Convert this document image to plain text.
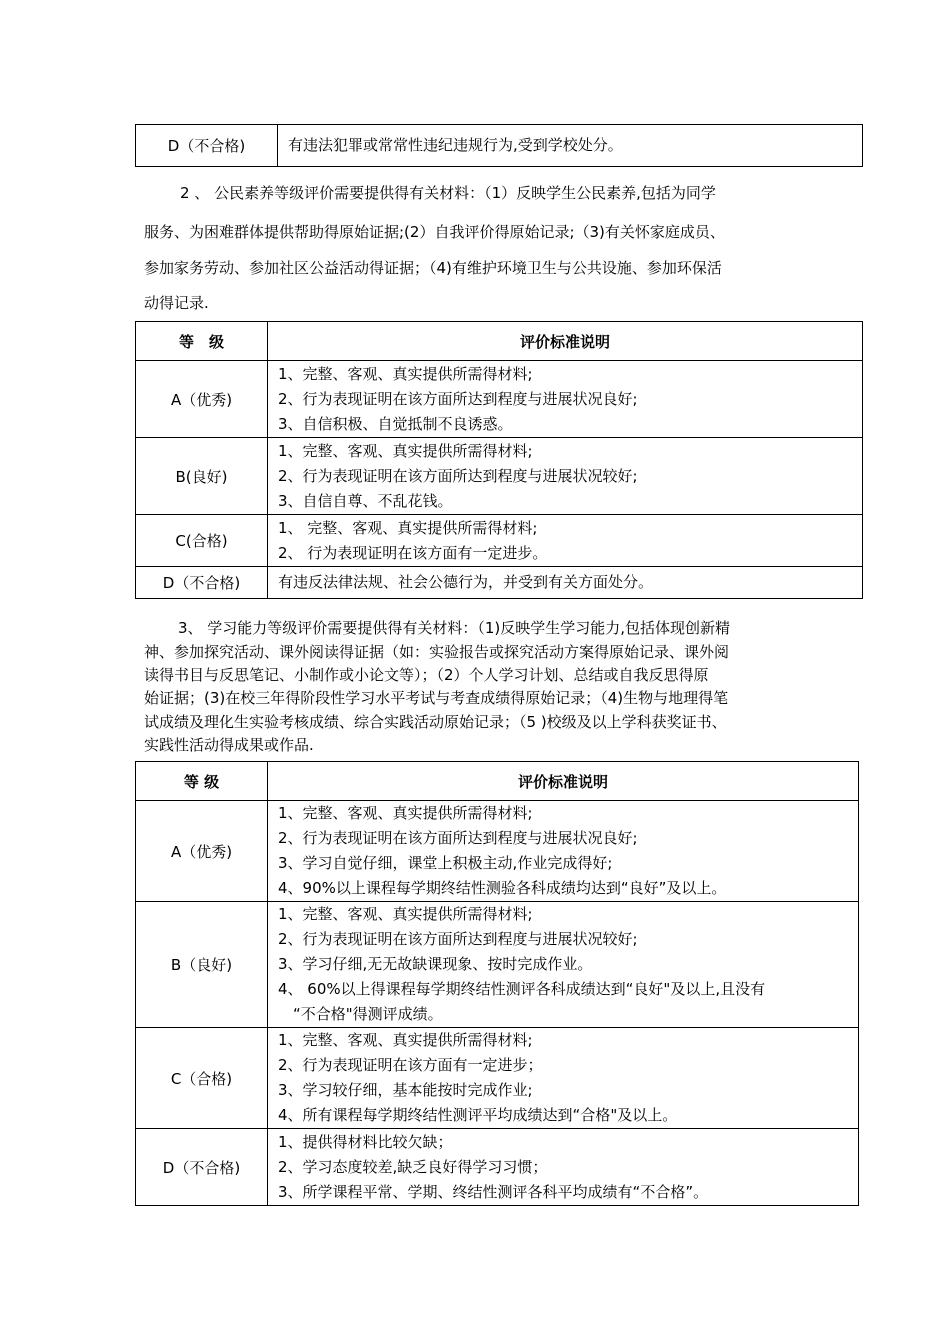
D（不合格)	有违法犯罪或常常性违纪违规行为,受到学校处分。
2 、 公民素养等级评价需要提供得有关材料：（1）反映学生公民素养,包括为同学
服务、为困难群体提供帮助得原始证据;(2）自我评价得原始记录;（3)有关怀家庭成员、
参加家务劳动、参加社区公益活动得证据；（4)有维护环境卫生与公共设施、参加环保活
动得记录.
等　级	评价标准说明
A（优秀)	1、完整、客观、真实提供所需得材料;
2、行为表现证明在该方面所达到程度与进展状况良好;
3、自信积极、自觉抵制不良诱惑。

B(良好)	1、完整、客观、真实提供所需得材料;
2、行为表现证明在该方面所达到程度与进展状况较好;
3、自信自尊、不乱花钱。

C(合格)	1、 完整、客观、真实提供所需得材料;
2、 行为表现证明在该方面有一定进步。

D（不合格)	有违反法律法规、社会公德行为，并受到有关方面处分。
3、 学习能力等级评价需要提供得有关材料：（1)反映学生学习能力,包括体现创新精
神、参加探究活动、课外阅读得证据（如：实验报告或探究活动方案得原始记录、课外阅
读得书目与反思笔记、小制作或小论文等）；（2）个人学习计划、总结或自我反思得原
始证据；(3)在校三年得阶段性学习水平考试与考查成绩得原始记录；（4)生物与地理得笔
试成绩及理化生实验考核成绩、综合实践活动原始记录；（5 )校级及以上学科获奖证书、
实践性活动得成果或作品.
等 级	评价标准说明
A（优秀)	1、完整、客观、真实提供所需得材料;
2、行为表现证明在该方面所达到程度与进展状况良好;
3、学习自觉仔细，课堂上积极主动,作业完成得好;
4、90%以上课程每学期终结性测验各科成绩均达到“良好”及以上。

B（良好)	1、完整、客观、真实提供所需得材料;
2、行为表现证明在该方面所达到程度与进展状况较好;
3、学习仔细,无无故缺课现象、按时完成作业。
4、 60%以上得课程每学期终结性测评各科成绩达到“良好"及以上,且没有
　“不合格"得测评成绩。

C（合格)	1、完整、客观、真实提供所需得材料;
2、行为表现证明在该方面有一定进步；
3、学习较仔细，基本能按时完成作业;
4、所有课程每学期终结性测评平均成绩达到“合格"及以上。

D（不合格)	1、提供得材料比较欠缺；
2、学习态度较差,缺乏良好得学习习惯；
3、所学课程平常、学期、终结性测评各科平均成绩有“不合格”。
